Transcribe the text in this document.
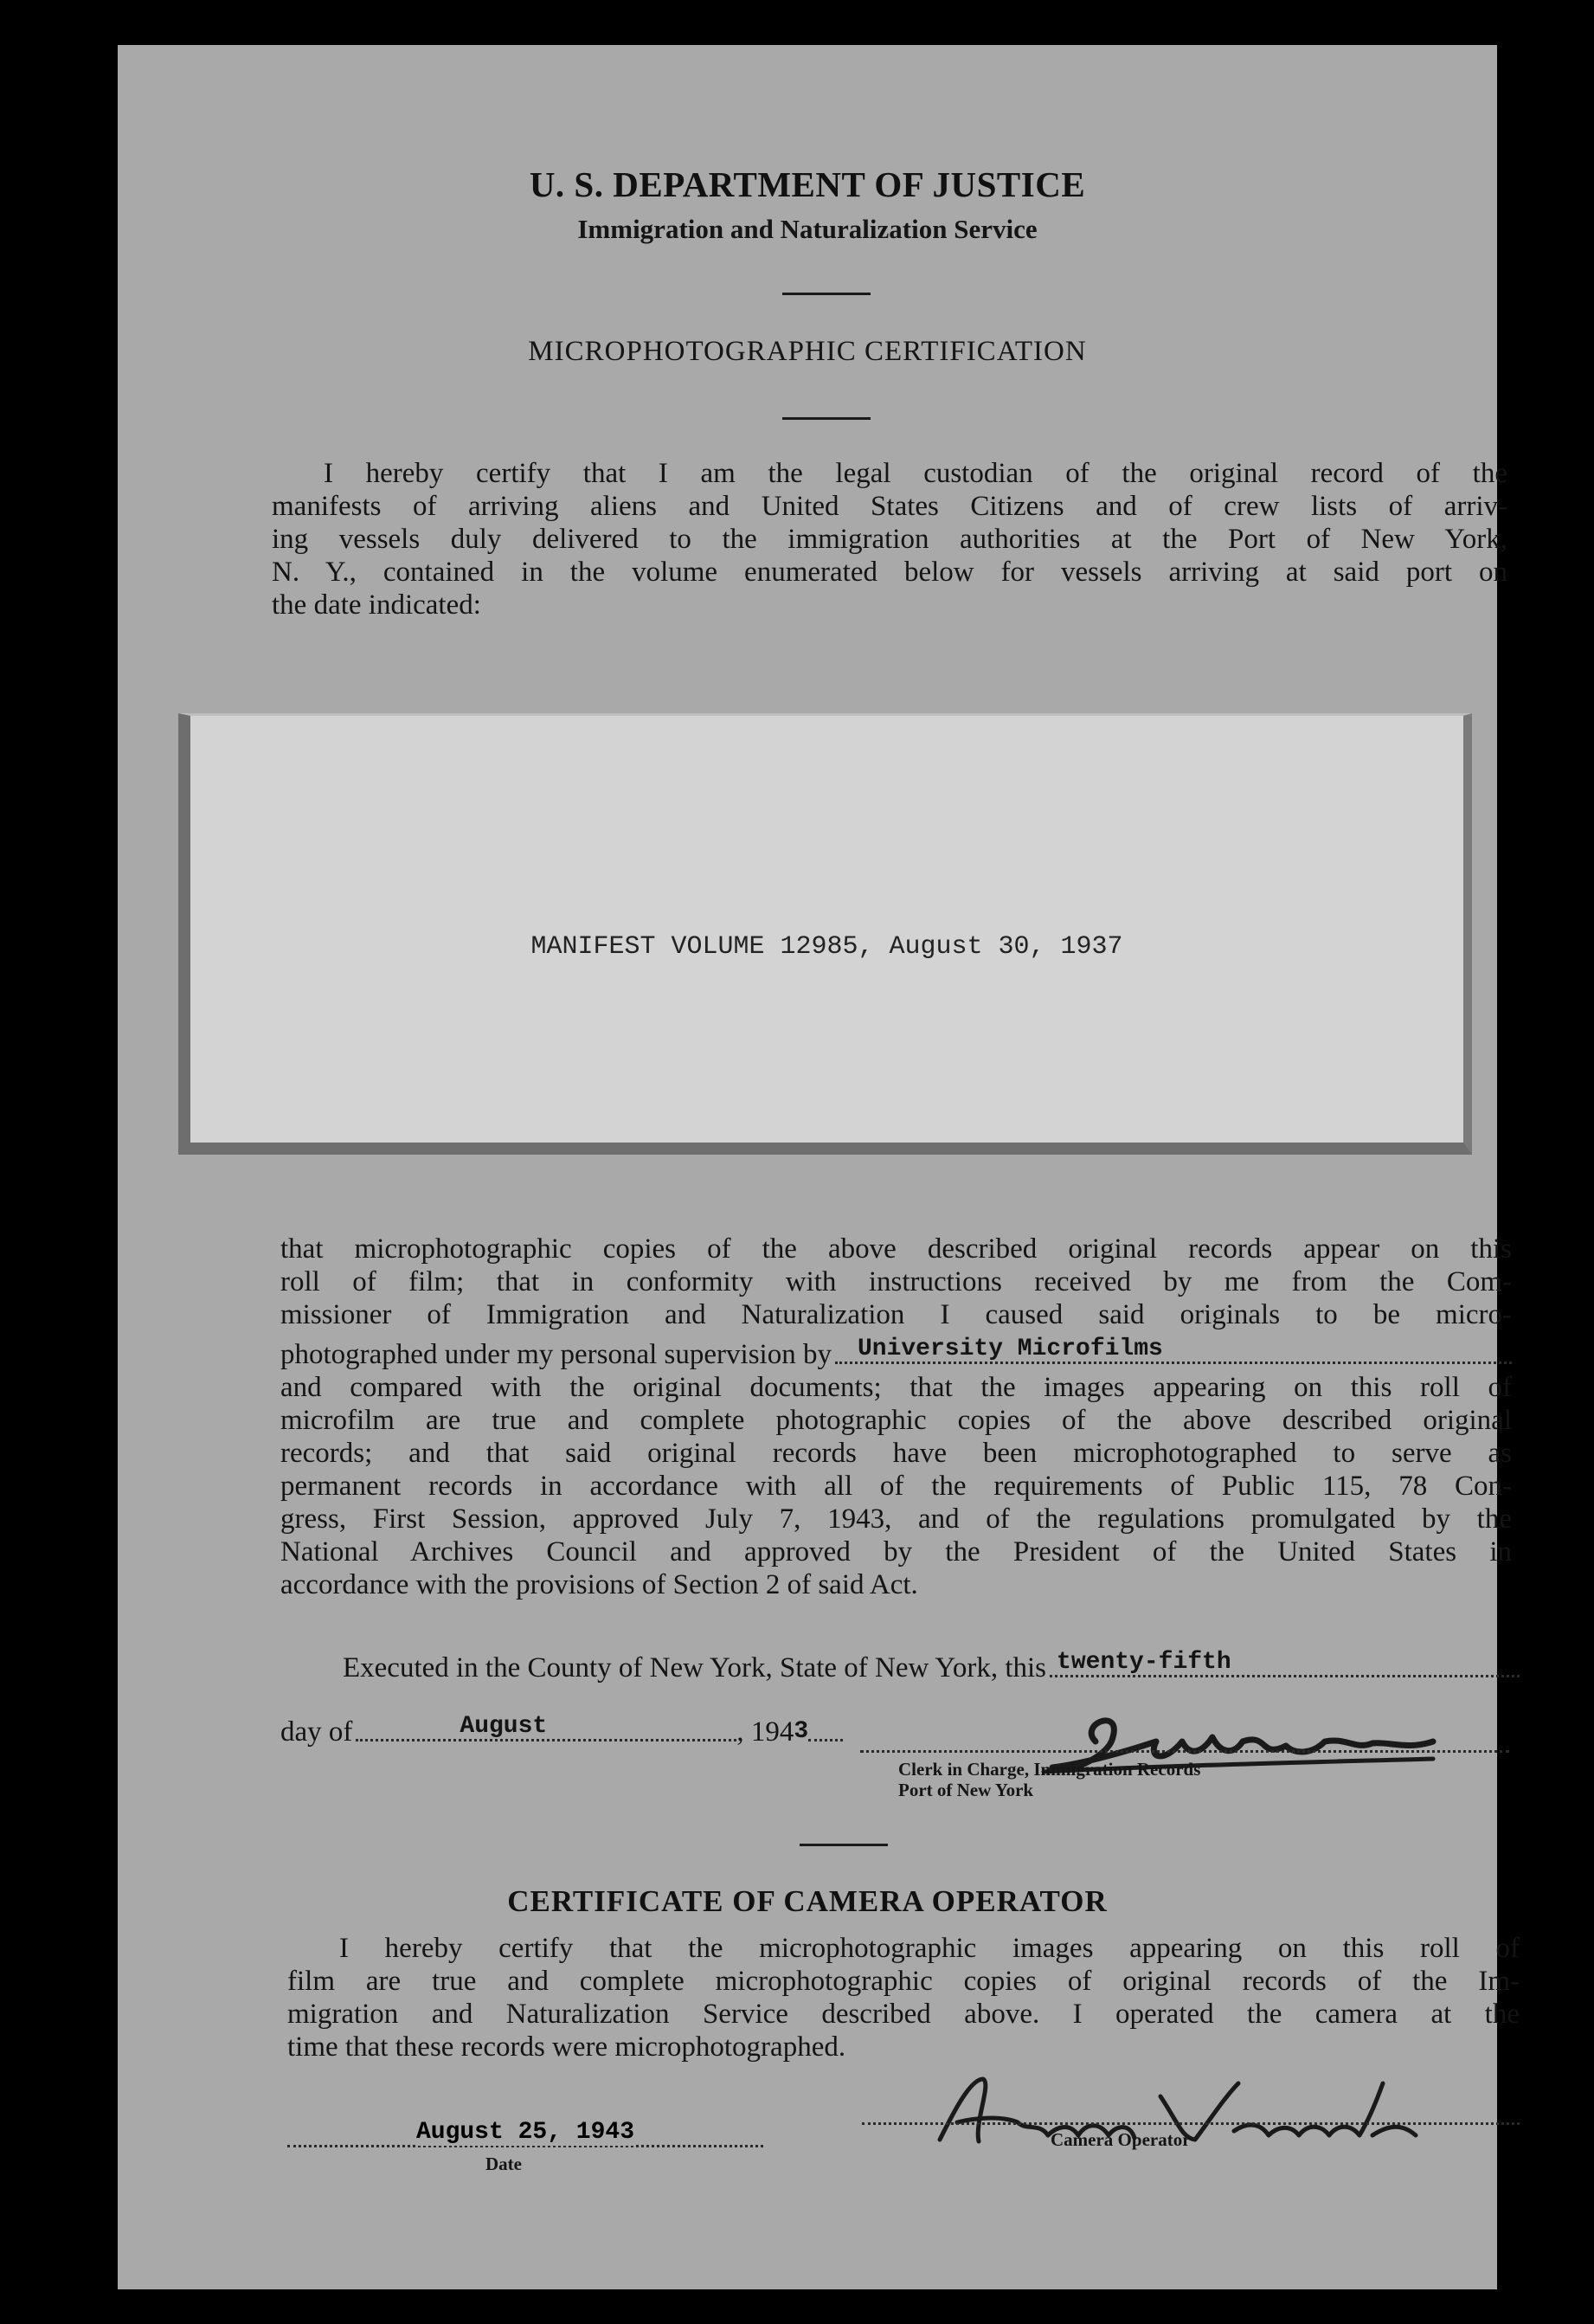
U. S. DEPARTMENT OF JUSTICE
Immigration and Naturalization Service
MICROPHOTOGRAPHIC CERTIFICATION
I hereby certify that I am the legal custodian of the original record of the
manifests of arriving aliens and United States Citizens and of crew lists of arriv-
ing vessels duly delivered to the immigration authorities at the Port of New York,
N. Y., contained in the volume enumerated below for vessels arriving at said port on
the date indicated:
MANIFEST VOLUME 12985, August 30, 1937
that microphotographic copies of the above described original records appear on this
roll of film; that in conformity with instructions received by me from the Com-
missioner of Immigration and Naturalization I caused said originals to be micro-
photographed under my personal supervision by University Microfilms
and compared with the original documents; that the images appearing on this roll of
microfilm are true and complete photographic copies of the above described original
records; and that said original records have been microphotographed to serve as
permanent records in accordance with all of the requirements of Public 115, 78 Con-
gress, First Session, approved July 7, 1943, and of the regulations promulgated by the
National Archives Council and approved by the President of the United States in
accordance with the provisions of Section 2 of said Act.
Executed in the County of New York, State of New York, this twenty-fifth
day of	August	, 194 3
Clerk in Charge, Immigration Records
Port of New York
CERTIFICATE OF CAMERA OPERATOR
I hereby certify that the microphotographic images appearing on this roll of
film are true and complete microphotographic copies of original records of the Im-
migration and Naturalization Service described above. I operated the camera at the
time that these records were microphotographed.
August 25, 1943
Date
Camera Operator
